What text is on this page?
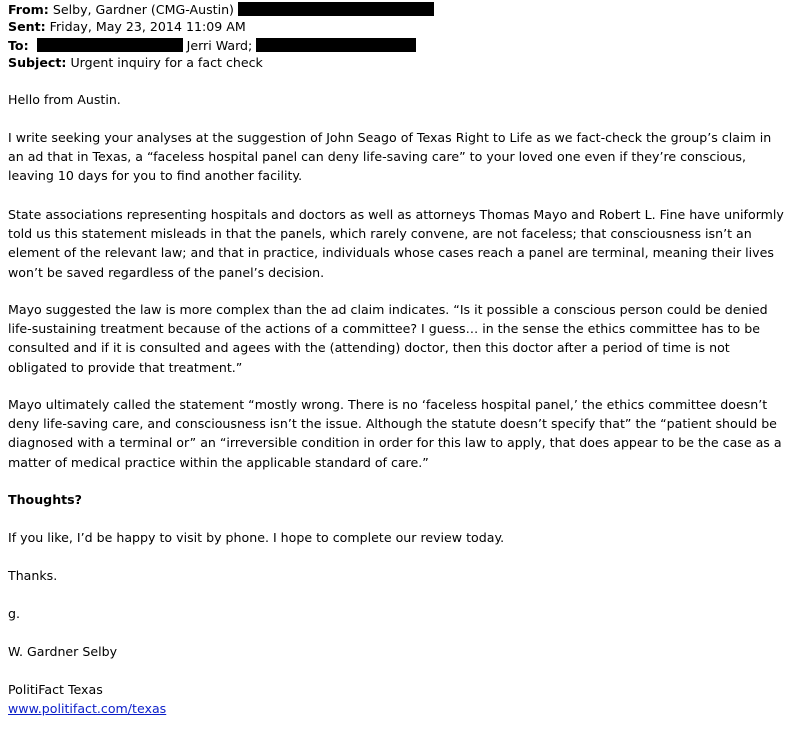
From: Selby, Gardner (CMG-Austin)
Sent: Friday, May 23, 2014 11:09 AM
To:	Jerri Ward;
Subject: Urgent inquiry for a fact check

Hello from Austin.

I write seeking your analyses at the suggestion of John Seago of Texas Right to Life as we fact-check the group’s claim in an ad that in Texas, a “faceless hospital panel can deny life-saving care” to your loved one even if they’re conscious, leaving 10 days for you to find another facility.

State associations representing hospitals and doctors as well as attorneys Thomas Mayo and Robert L. Fine have uniformly told us this statement misleads in that the panels, which rarely convene, are not faceless; that consciousness isn’t an element of the relevant law; and that in practice, individuals whose cases reach a panel are terminal, meaning their lives won’t be saved regardless of the panel’s decision.

Mayo suggested the law is more complex than the ad claim indicates. “Is it possible a conscious person could be denied life-sustaining treatment because of the actions of a committee? I guess… in the sense the ethics committee has to be consulted and if it is consulted and agees with the (attending) doctor, then this doctor after a period of time is not obligated to provide that treatment.”

Mayo ultimately called the statement “mostly wrong. There is no ‘faceless hospital panel,’ the ethics committee doesn’t deny life-saving care, and consciousness isn’t the issue. Although the statute doesn’t specify that” the “patient should be diagnosed with a terminal or” an “irreversible condition in order for this law to apply, that does appear to be the case as a matter of medical practice within the applicable standard of care.”

Thoughts?

If you like, I’d be happy to visit by phone. I hope to complete our review today.

Thanks.

g.

W. Gardner Selby

PolitiFact Texas

www.politifact.com/texas
